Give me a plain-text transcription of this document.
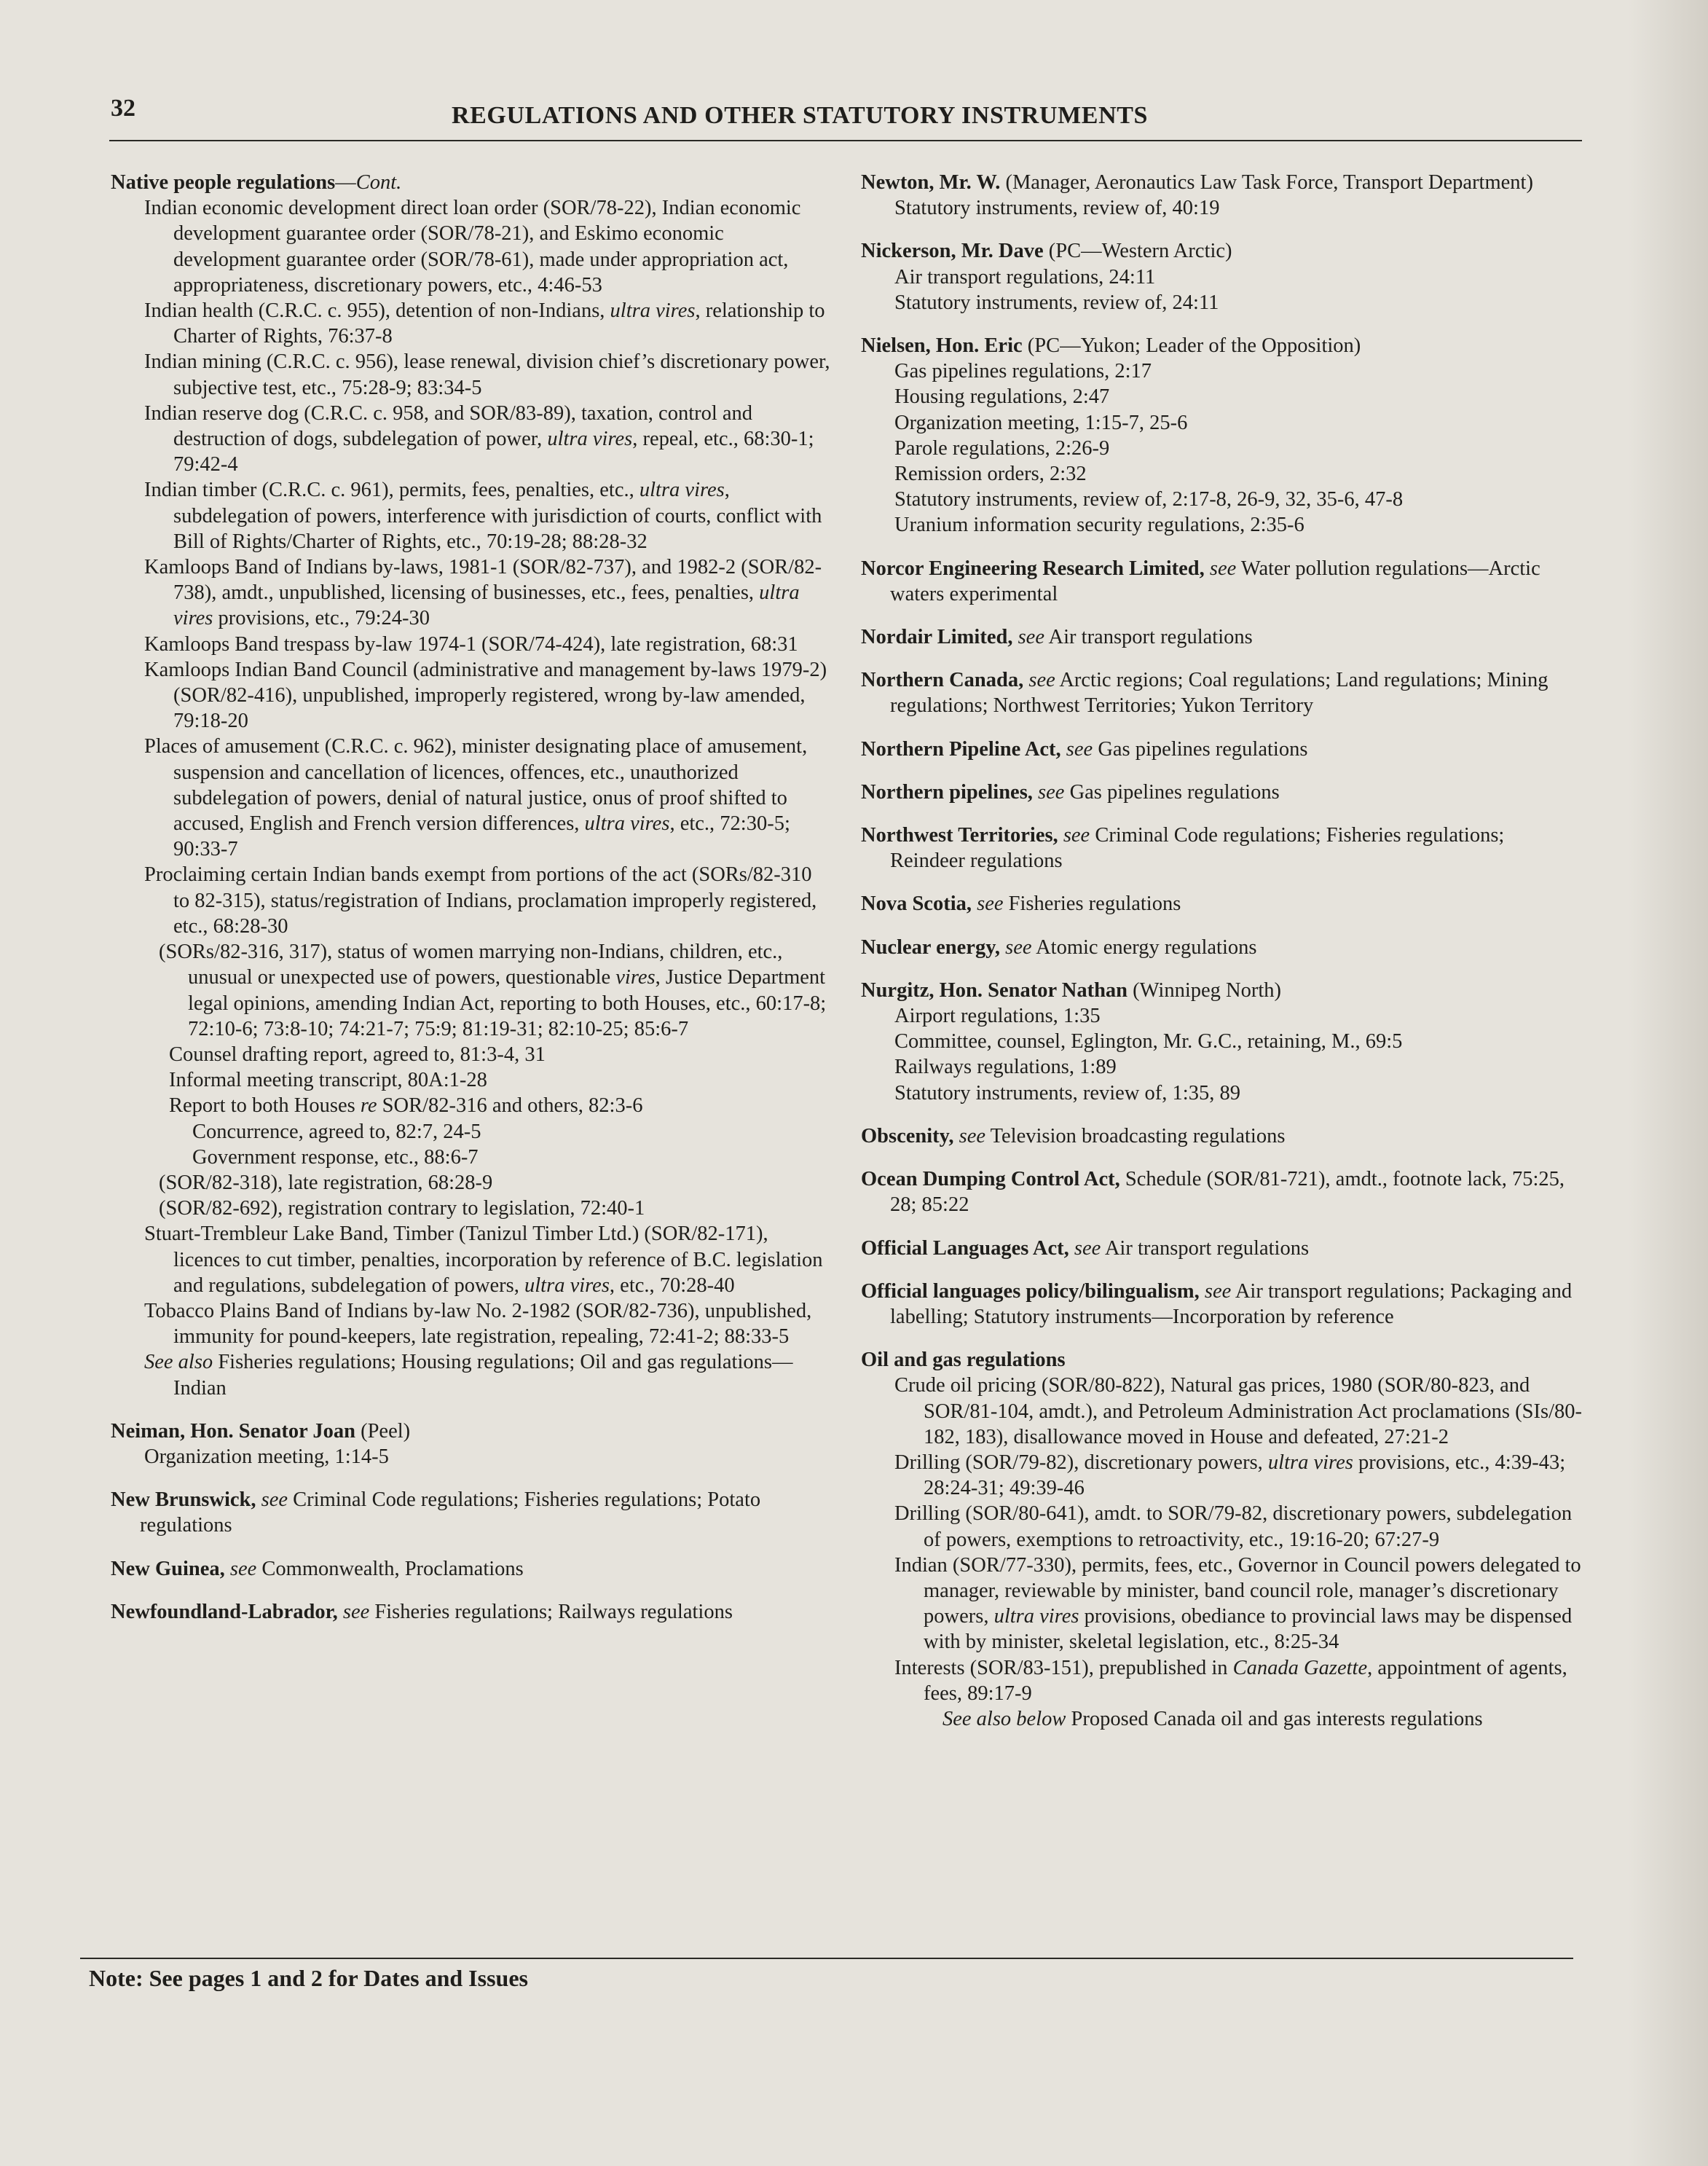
32	REGULATIONS AND OTHER STATUTORY INSTRUMENTS

Native people regulations—Cont.

Indian economic development direct loan order (SOR/78-22), Indian economic development guarantee order (SOR/78-21), and Eskimo economic development guarantee order (SOR/78-61), made under appropriation act, appropriateness, discretionary powers, etc., 4:46-53

Indian health (C.R.C. c. 955), detention of non-Indians, ultra vires, relationship to Charter of Rights, 76:37-8

Indian mining (C.R.C. c. 956), lease renewal, division chief’s discretionary power, subjective test, etc., 75:28-9; 83:34-5

Indian reserve dog (C.R.C. c. 958, and SOR/83-89), taxation, control and destruction of dogs, subdelegation of power, ultra vires, repeal, etc., 68:30-1; 79:42-4

Indian timber (C.R.C. c. 961), permits, fees, penalties, etc., ultra vires, subdelegation of powers, interference with jurisdiction of courts, conflict with Bill of Rights/Charter of Rights, etc., 70:19-28; 88:28-32

Kamloops Band of Indians by-laws, 1981-1 (SOR/82-737), and 1982-2 (SOR/82-738), amdt., unpublished, licensing of businesses, etc., fees, penalties, ultra vires provisions, etc., 79:24-30

Kamloops Band trespass by-law 1974-1 (SOR/74-424), late registration, 68:31

Kamloops Indian Band Council (administrative and management by-laws 1979-2)(SOR/82-416), unpublished, improperly registered, wrong by-law amended, 79:18-20

Places of amusement (C.R.C. c. 962), minister designating place of amusement, suspension and cancellation of licences, offences, etc., unauthorized subdelegation of powers, denial of natural justice, onus of proof shifted to accused, English and French version differences, ultra vires, etc., 72:30-5; 90:33-7

Proclaiming certain Indian bands exempt from portions of the act (SORs/82-310 to 82-315), status/registration of Indians, proclamation improperly registered, etc., 68:28-30

(SORs/82-316, 317), status of women marrying non-Indians, children, etc., unusual or unexpected use of powers, questionable vires, Justice Department legal opinions, amending Indian Act, reporting to both Houses, etc., 60:17-8; 72:10-6; 73:8-10; 74:21-7; 75:9; 81:19-31; 82:10-25; 85:6-7

Counsel drafting report, agreed to, 81:3-4, 31

Informal meeting transcript, 80A:1-28

Report to both Houses re SOR/82-316 and others, 82:3-6

Concurrence, agreed to, 82:7, 24-5

Government response, etc., 88:6-7

(SOR/82-318), late registration, 68:28-9

(SOR/82-692), registration contrary to legislation, 72:40-1

Stuart-Trembleur Lake Band, Timber (Tanizul Timber Ltd.) (SOR/82-171), licences to cut timber, penalties, incorporation by reference of B.C. legislation and regulations, subdelegation of powers, ultra vires, etc., 70:28-40

Tobacco Plains Band of Indians by-law No. 2-1982 (SOR/82-736), unpublished, immunity for pound-keepers, late registration, repealing, 72:41-2; 88:33-5

See also Fisheries regulations; Housing regulations; Oil and gas regulations—Indian

Neiman, Hon. Senator Joan (Peel)

Organization meeting, 1:14-5

New Brunswick, see Criminal Code regulations; Fisheries regulations; Potato regulations

New Guinea, see Commonwealth, Proclamations

Newfoundland-Labrador, see Fisheries regulations; Railways regulations

Newton, Mr. W. (Manager, Aeronautics Law Task Force, Transport Department)

Statutory instruments, review of, 40:19

Nickerson, Mr. Dave (PC—Western Arctic)

Air transport regulations, 24:11

Statutory instruments, review of, 24:11

Nielsen, Hon. Eric (PC—Yukon; Leader of the Opposition)

Gas pipelines regulations, 2:17

Housing regulations, 2:47

Organization meeting, 1:15-7, 25-6

Parole regulations, 2:26-9

Remission orders, 2:32

Statutory instruments, review of, 2:17-8, 26-9, 32, 35-6, 47-8

Uranium information security regulations, 2:35-6

Norcor Engineering Research Limited, see Water pollution regulations—Arctic waters experimental

Nordair Limited, see Air transport regulations

Northern Canada, see Arctic regions; Coal regulations; Land regulations; Mining regulations; Northwest Territories; Yukon Territory

Northern Pipeline Act, see Gas pipelines regulations

Northern pipelines, see Gas pipelines regulations

Northwest Territories, see Criminal Code regulations; Fisheries regulations; Reindeer regulations

Nova Scotia, see Fisheries regulations

Nuclear energy, see Atomic energy regulations

Nurgitz, Hon. Senator Nathan (Winnipeg North)

Airport regulations, 1:35

Committee, counsel, Eglington, Mr. G.C., retaining, M., 69:5

Railways regulations, 1:89

Statutory instruments, review of, 1:35, 89

Obscenity, see Television broadcasting regulations

Ocean Dumping Control Act, Schedule (SOR/81-721), amdt., footnote lack, 75:25, 28; 85:22

Official Languages Act, see Air transport regulations

Official languages policy/bilingualism, see Air transport regulations; Packaging and labelling; Statutory instruments—Incorporation by reference

Oil and gas regulations

Crude oil pricing (SOR/80-822), Natural gas prices, 1980 (SOR/80-823, and SOR/81-104, amdt.), and Petroleum Administration Act proclamations (SIs/80-182, 183), disallowance moved in House and defeated, 27:21-2

Drilling (SOR/79-82), discretionary powers, ultra vires provisions, etc., 4:39-43; 28:24-31; 49:39-46

Drilling (SOR/80-641), amdt. to SOR/79-82, discretionary powers, subdelegation of powers, exemptions to retroactivity, etc., 19:16-20; 67:27-9

Indian (SOR/77-330), permits, fees, etc., Governor in Council powers delegated to manager, reviewable by minister, band council role, manager’s discretionary powers, ultra vires provisions, obediance to provincial laws may be dispensed with by minister, skeletal legislation, etc., 8:25-34

Interests (SOR/83-151), prepublished in Canada Gazette, appointment of agents, fees, 89:17-9

See also below Proposed Canada oil and gas interests regulations

Note: See pages 1 and 2 for Dates and Issues
